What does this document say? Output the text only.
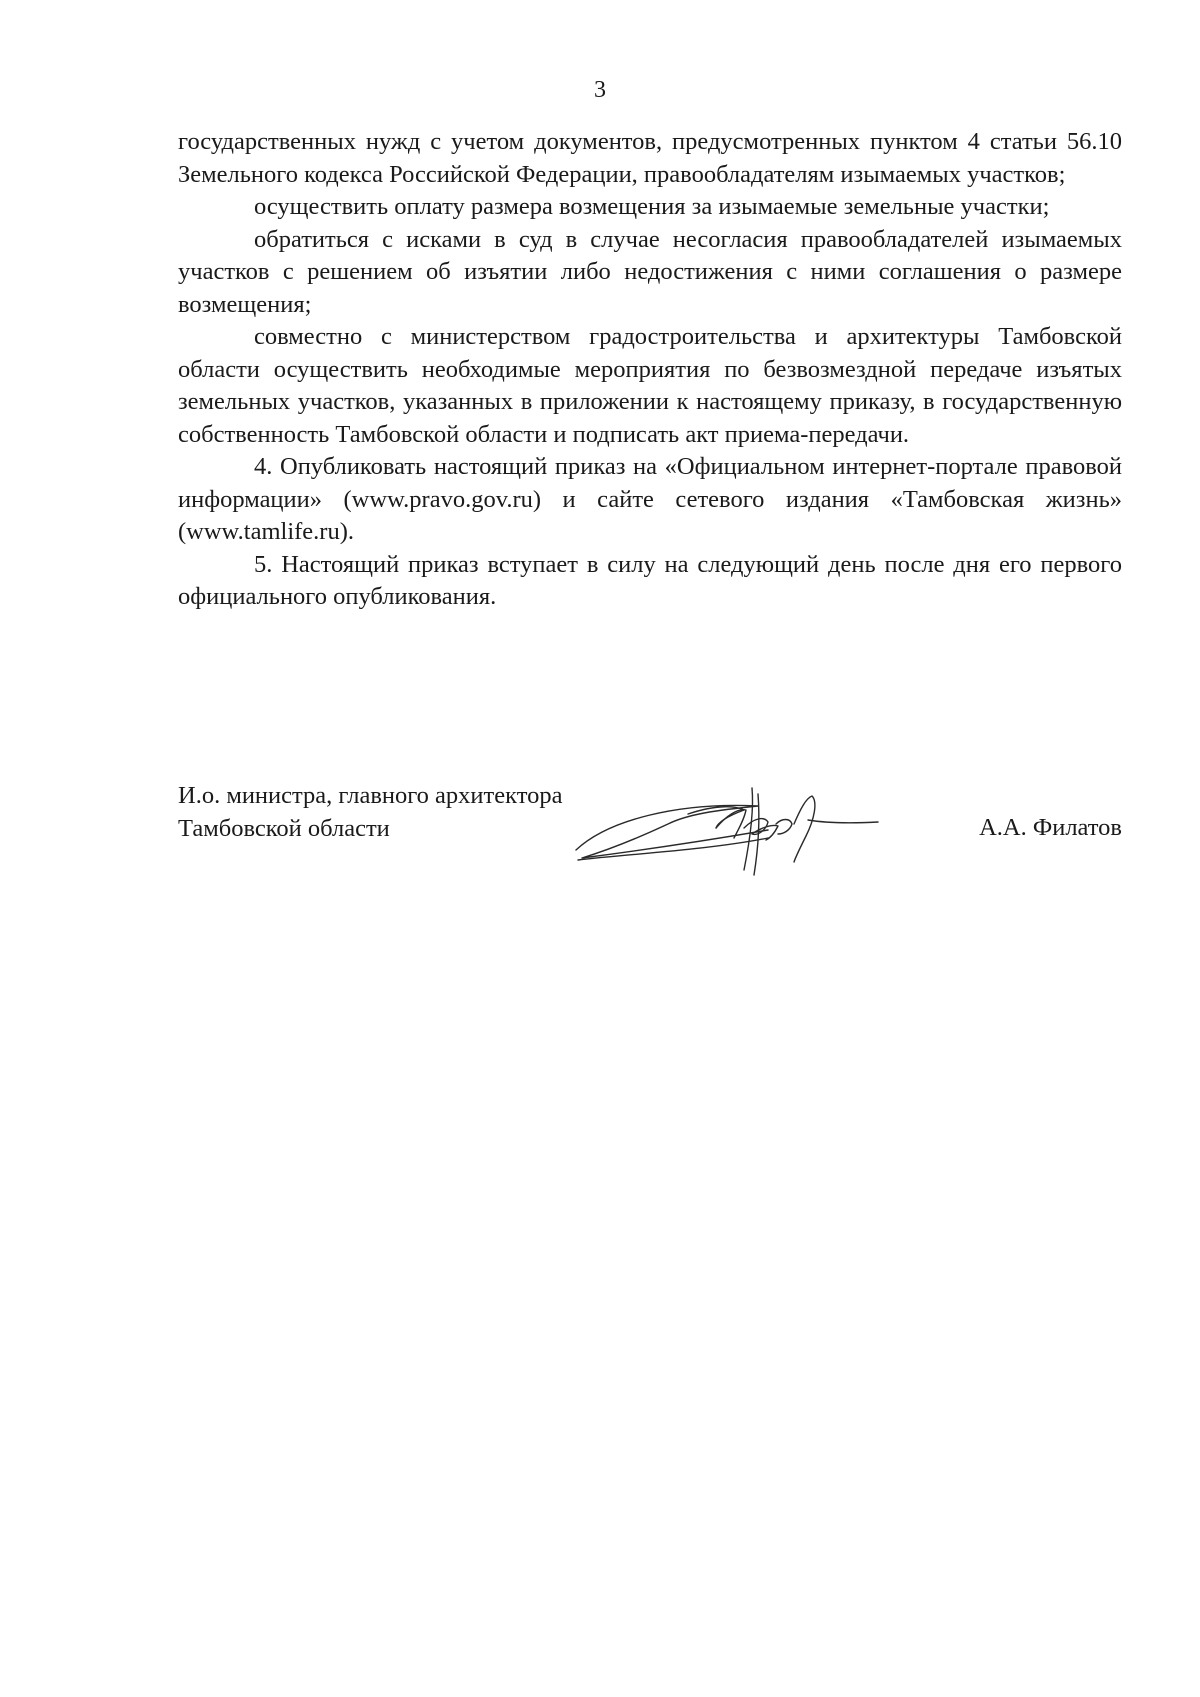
3

государственных нужд с учетом документов, предусмотренных пунктом 4 статьи 56.10 Земельного кодекса Российской Федерации, правообладателям изымаемых участков;

осуществить оплату размера возмещения за изымаемые земельные участки;

обратиться с исками в суд в случае несогласия правообладателей изымаемых участков с решением об изъятии либо недостижения с ними соглашения о размере возмещения;

совместно с министерством градостроительства и архитектуры Тамбовской области осуществить необходимые мероприятия по безвозмездной передаче изъятых земельных участков, указанных в приложении к настоящему приказу, в государственную собственность Тамбовской области и подписать акт приема-передачи.

4. Опубликовать настоящий приказ на «Официальном интернет-портале правовой информации» (www.pravo.gov.ru) и сайте сетевого издания «Тамбовская жизнь» (www.tamlife.ru).

5. Настоящий приказ вступает в силу на следующий день после дня его первого официального опубликования.

И.о. министра, главного архитектора
Тамбовской области	А.А. Филатов
